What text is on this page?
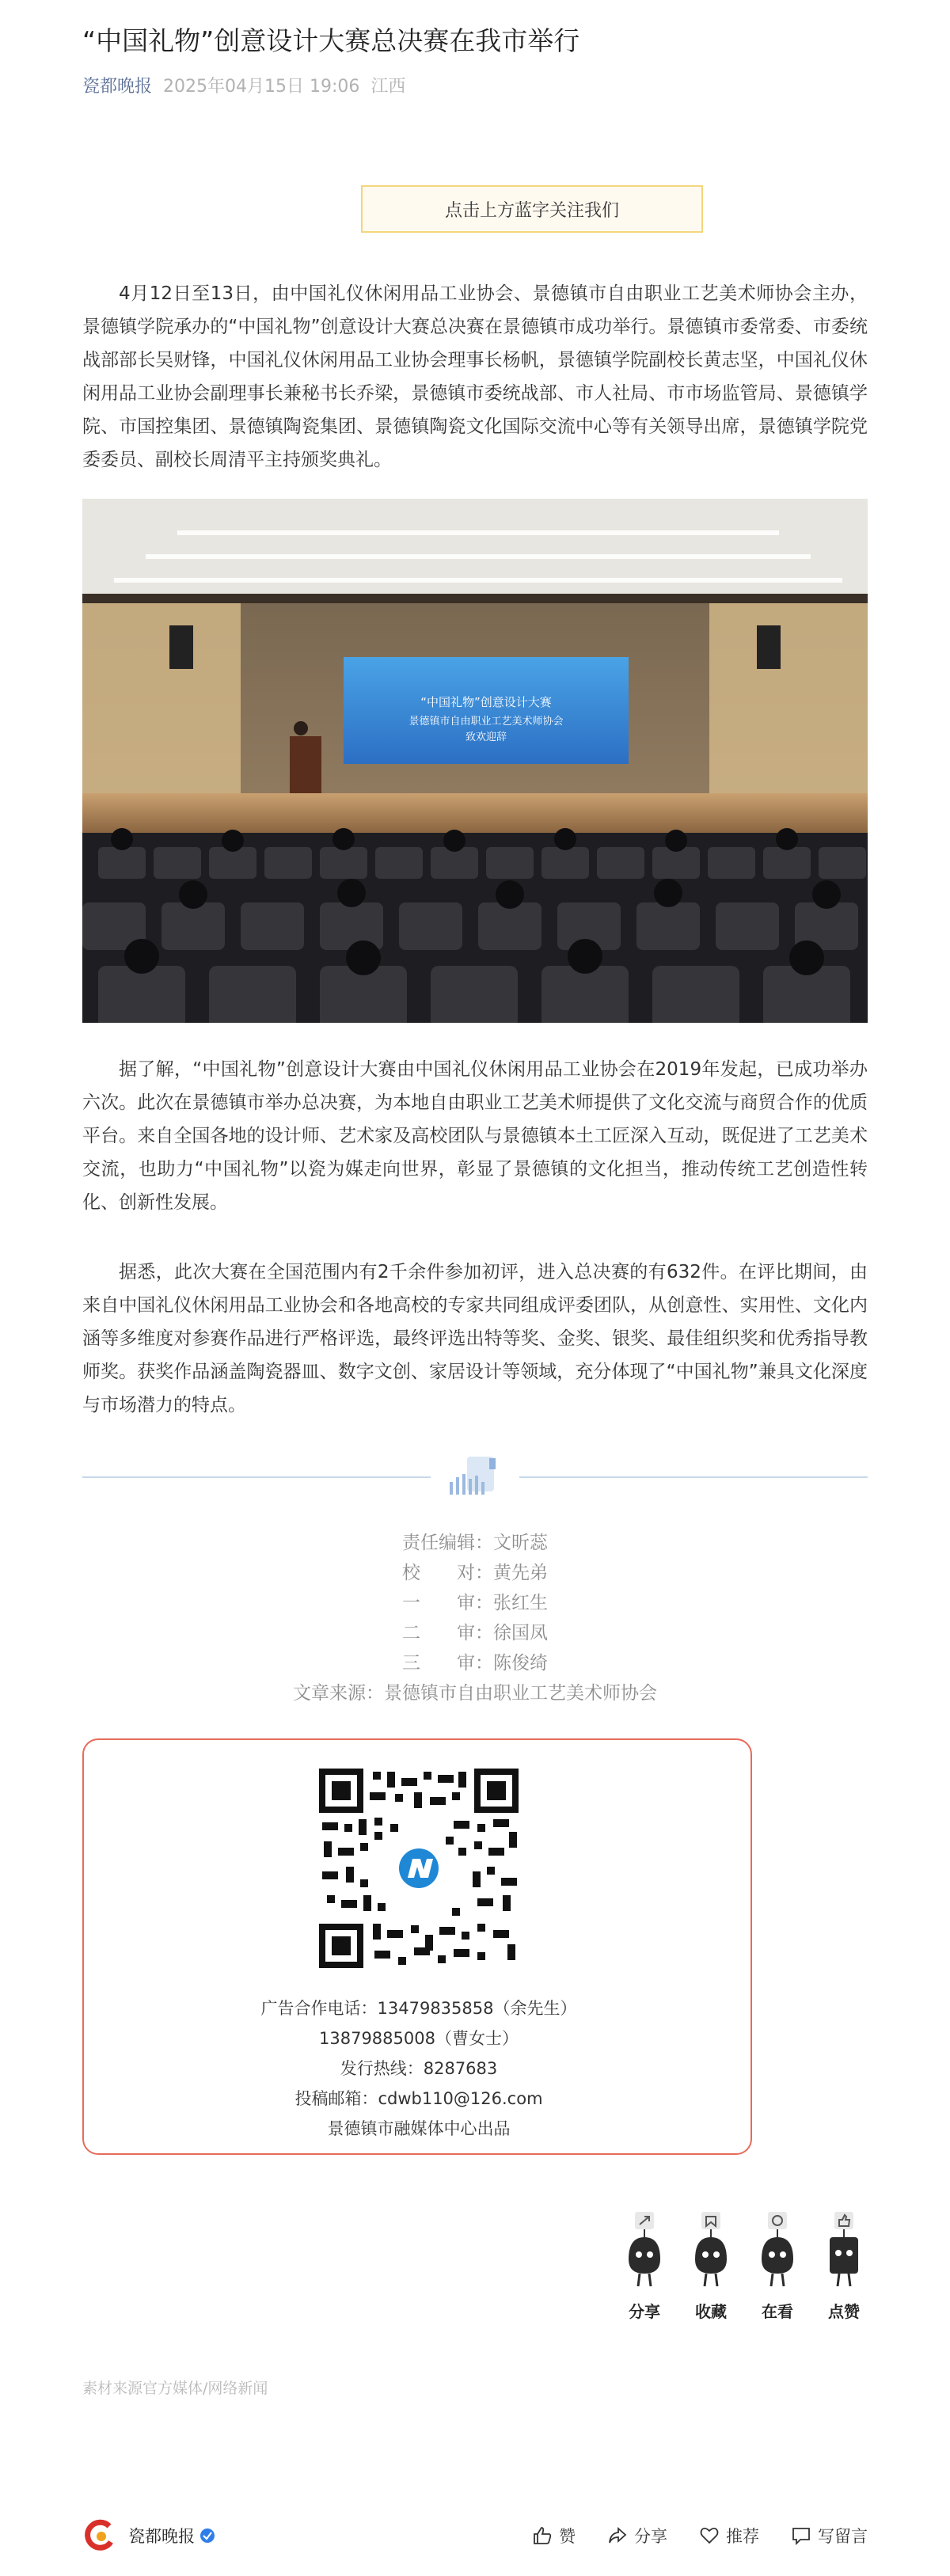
“中国礼物”创意设计大赛总决赛在我市举行
瓷都晚报 2025年04月15日 19:06 江西
点击上方蓝字关注我们

4月12日至13日，由中国礼仪休闲用品工业协会、景德镇市自由职业工艺美术师协会主办，景德镇学院承办的“中国礼物”创意设计大赛总决赛在景德镇市成功举行。景德镇市委常委、市委统战部部长吴财锋，中国礼仪休闲用品工业协会理事长杨帆，景德镇学院副校长黄志坚，中国礼仪休闲用品工业协会副理事长兼秘书长乔梁，景德镇市委统战部、市人社局、市市场监管局、景德镇学院、市国控集团、景德镇陶瓷集团、景德镇陶瓷文化国际交流中心等有关领导出席，景德镇学院党委委员、副校长周清平主持颁奖典礼。

“中国礼物”创意设计大赛
景德镇市自由职业工艺美术师协会
致欢迎辞

据了解，“中国礼物”创意设计大赛由中国礼仪休闲用品工业协会在2019年发起，已成功举办六次。此次在景德镇市举办总决赛，为本地自由职业工艺美术师提供了文化交流与商贸合作的优质平台。来自全国各地的设计师、艺术家及高校团队与景德镇本土工匠深入互动，既促进了工艺美术交流，也助力“中国礼物”以瓷为媒走向世界，彰显了景德镇的文化担当，推动传统工艺创造性转化、创新性发展。

据悉，此次大赛在全国范围内有2千余件参加初评，进入总决赛的有632件。在评比期间，由来自中国礼仪休闲用品工业协会和各地高校的专家共同组成评委团队，从创意性、实用性、文化内涵等多维度对参赛作品进行严格评选，最终评选出特等奖、金奖、银奖、最佳组织奖和优秀指导教师奖。获奖作品涵盖陶瓷器皿、数字文创、家居设计等领域，充分体现了“中国礼物”兼具文化深度与市场潜力的特点。

责任编辑：文昕蕊
校　　对：黄先弟
一　　审：张红生
二　　审：徐国凤
三　　审：陈俊绮
文章来源：景德镇市自由职业工艺美术师协会
广告合作电话：13479835858（余先生）
13879885008（曹女士）
发行热线：8287683
投稿邮箱：cdwb110@126.com
景德镇市融媒体中心出品
分享 收藏 在看 点赞
素材来源官方媒体/网络新闻
瓷都晚报	赞	分享	推荐	写留言
